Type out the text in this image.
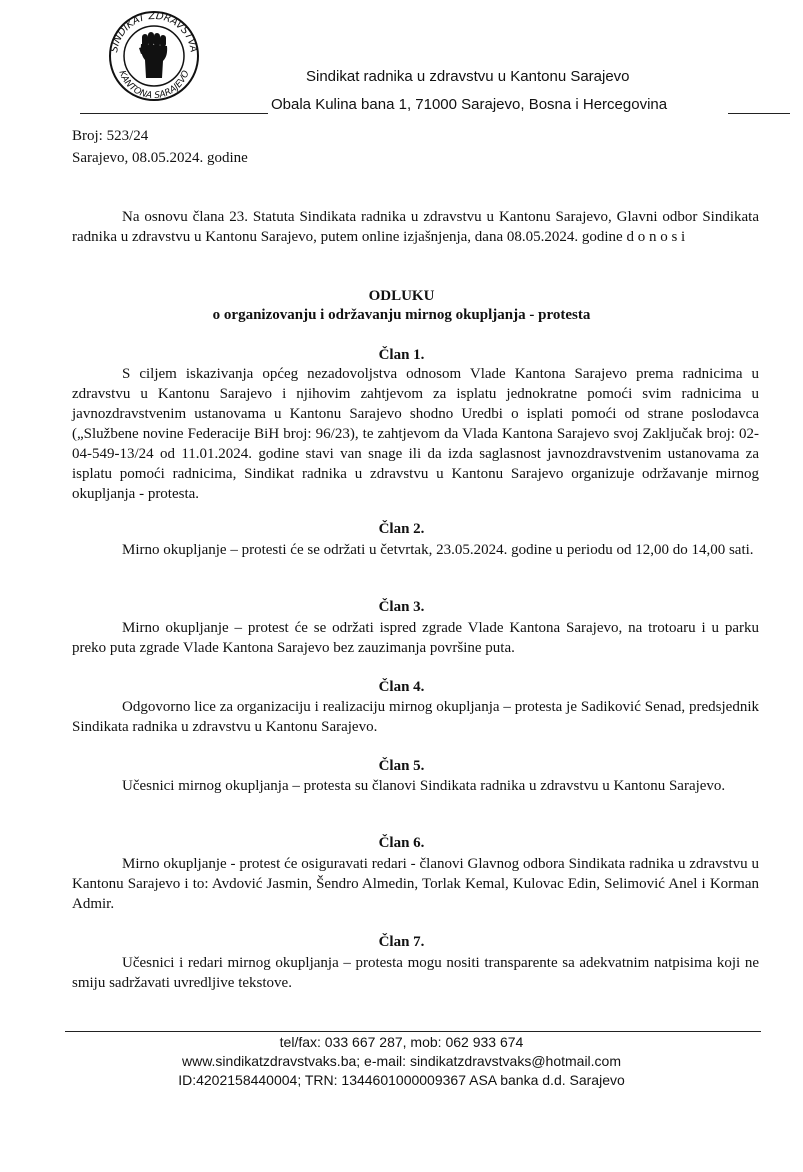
SINDIKAT ZDRAVSTVA
KANTONA SARAJEVO	Sindikat radnika u zdravstvu u Kantonu Sarajevo
Obala Kulina bana 1, 71000 Sarajevo, Bosna i Hercegovina
Broj: 523/24
Sarajevo, 08.05.2024. godine
Na osnovu člana 23. Statuta Sindikata radnika u zdravstvu u Kantonu Sarajevo, Glavni odbor Sindikata radnika u zdravstvu u Kantonu Sarajevo, putem online izjašnjenja, dana 08.05.2024. godine d o n o s i
ODLUKU
o organizovanju i održavanju mirnog okupljanja - protesta
Član 1.
S ciljem iskazivanja općeg nezadovoljstva odnosom Vlade Kantona Sarajevo prema radnicima u zdravstvu u Kantonu Sarajevo i njihovim zahtjevom za isplatu jednokratne pomoći svim radnicima u javnozdravstvenim ustanovama u Kantonu Sarajevo shodno Uredbi o isplati pomoći od strane poslodavca („Službene novine Federacije BiH broj: 96/23), te zahtjevom da Vlada Kantona Sarajevo svoj Zaključak broj: 02-04-549-13/24 od 11.01.2024. godine stavi van snage ili da izda saglasnost javnozdravstvenim ustanovama za isplatu pomoći radnicima, Sindikat radnika u zdravstvu u Kantonu Sarajevo organizuje održavanje mirnog okupljanja - protesta.
Član 2.
Mirno okupljanje – protesti će se održati u četvrtak, 23.05.2024. godine u periodu od 12,00 do 14,00 sati.
Član 3.
Mirno okupljanje – protest će se održati ispred zgrade Vlade Kantona Sarajevo, na trotoaru i u parku preko puta zgrade Vlade Kantona Sarajevo bez zauzimanja površine puta.
Član 4.
Odgovorno lice za organizaciju i realizaciju mirnog okupljanja – protesta je Sadiković Senad, predsjednik Sindikata radnika u zdravstvu u Kantonu Sarajevo.
Član 5.
Učesnici mirnog okupljanja – protesta su članovi Sindikata radnika u zdravstvu u Kantonu Sarajevo.
Član 6.
Mirno okupljanje - protest će osiguravati redari - članovi Glavnog odbora Sindikata radnika u zdravstvu u Kantonu Sarajevo i to: Avdović Jasmin, Šendro Almedin, Torlak Kemal, Kulovac Edin, Selimović Anel i Korman Admir.
Član 7.
Učesnici i redari mirnog okupljanja – protesta mogu nositi transparente sa adekvatnim natpisima koji ne smiju sadržavati uvredljive tekstove.
tel/fax: 033 667 287, mob: 062 933 674
www.sindikatzdravstvaks.ba; e-mail: sindikatzdravstvaks@hotmail.com
ID:4202158440004; TRN: 1344601000009367 ASA banka d.d. Sarajevo
